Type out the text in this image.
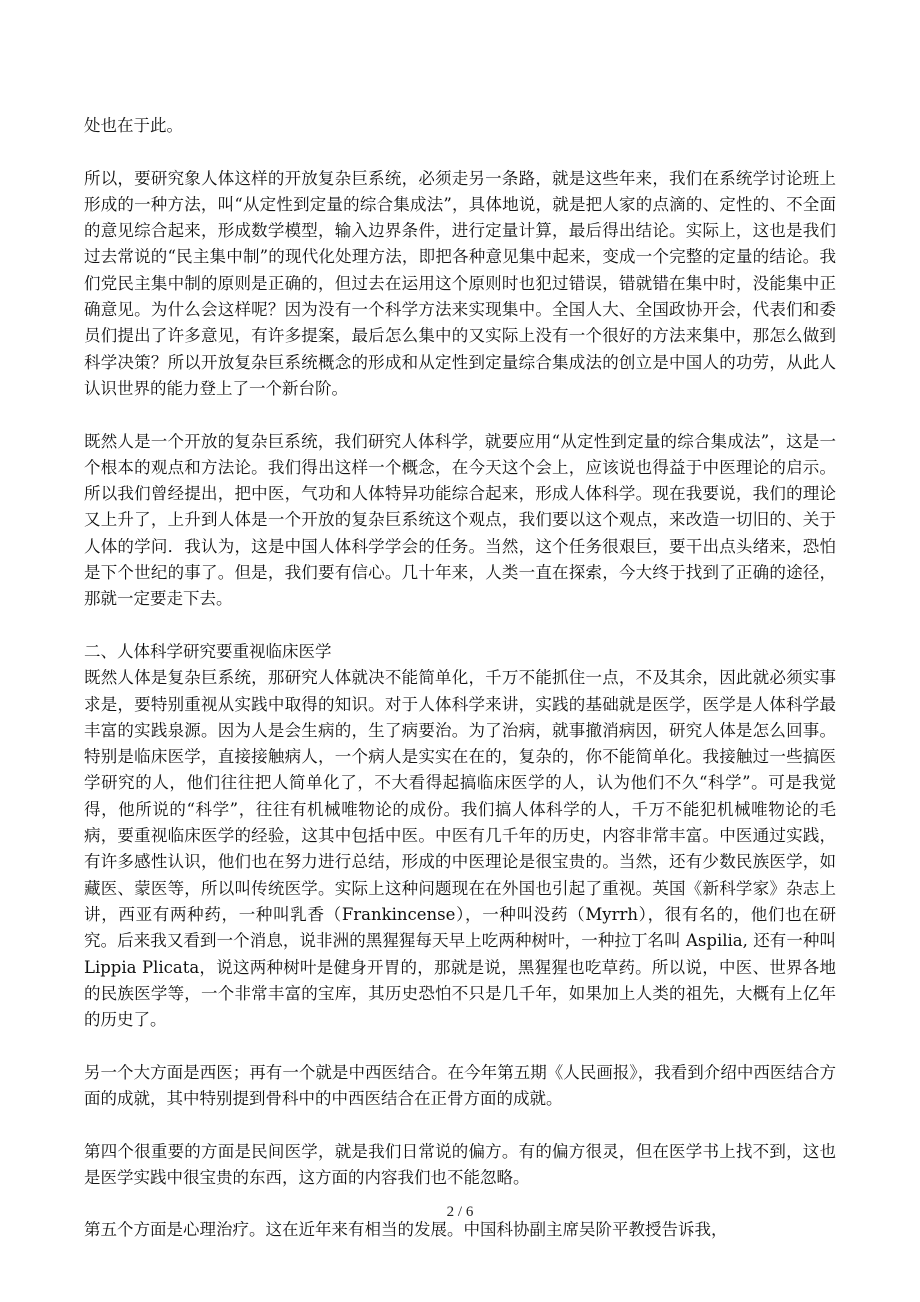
处也在于此。

所以，要研究象人体这样的开放复杂巨系统，必须走另一条路，就是这些年来，我们在系统学讨论班上形成的一种方法，叫“从定性到定量的综合集成法”，具体地说，就是把人家的点滴的、定性的、不全面的意见综合起来，形成数学模型，输入边界条件，进行定量计算，最后得出结论。实际上，这也是我们过去常说的“民主集中制”的现代化处理方法，即把各种意见集中起来，变成一个完整的定量的结论。我们党民主集中制的原则是正确的，但过去在运用这个原则时也犯过错误，错就错在集中时，没能集中正确意见。为什么会这样呢？因为没有一个科学方法来实现集中。全国人大、全国政协开会，代表们和委员们提出了许多意见，有许多提案，最后怎么集中的又实际上没有一个很好的方法来集中，那怎么做到科学决策？所以开放复杂巨系统概念的形成和从定性到定量综合集成法的创立是中国人的功劳，从此人认识世界的能力登上了一个新台阶。

既然人是一个开放的复杂巨系统，我们研究人体科学，就要应用“从定性到定量的综合集成法”，这是一个根本的观点和方法论。我们得出这样一个概念，在今天这个会上，应该说也得益于中医理论的启示。所以我们曾经提出，把中医，气功和人体特异功能综合起来，形成人体科学。现在我要说，我们的理论又上升了，上升到人体是一个开放的复杂巨系统这个观点，我们要以这个观点，来改造一切旧的、关于人体的学问．我认为，这是中国人体科学学会的任务。当然，这个任务很艰巨，要干出点头绪来，恐怕是下个世纪的事了。但是，我们要有信心。几十年来，人类一直在探索，今大终于找到了正确的途径，那就一定要走下去。

二、人体科学研究要重视临床医学

既然人体是复杂巨系统，那研究人体就决不能简单化，千万不能抓住一点，不及其余，因此就必须实事求是，要特别重视从实践中取得的知识。对于人体科学来讲，实践的基础就是医学，医学是人体科学最丰富的实践泉源。因为人是会生病的，生了病要治。为了治病，就事撤消病因，研究人体是怎么回事。特别是临床医学，直接接触病人，一个病人是实实在在的，复杂的，你不能简单化。我接触过一些搞医学研究的人，他们往往把人简单化了，不大看得起搞临床医学的人，认为他们不久“科学”。可是我觉得，他所说的“科学”，往往有机械唯物论的成份。我们搞人体科学的人，千万不能犯机械唯物论的毛病，要重视临床医学的经验，这其中包括中医。中医有几千年的历史，内容非常丰富。中医通过实践，有许多感性认识，他们也在努力进行总结，形成的中医理论是很宝贵的。当然，还有少数民族医学，如藏医、蒙医等，所以叫传统医学。实际上这种问题现在在外国也引起了重视。英国《新科学家》杂志上讲，西亚有两种药，一种叫乳香（Frankincense），一种叫没药（Myrrh），很有名的，他们也在研究。后来我又看到一个消息，说非洲的黑猩猩每天早上吃两种树叶，一种拉丁名叫 Aspilia, 还有一种叫 Lippia Plicata，说这两种树叶是健身开胃的，那就是说，黑猩猩也吃草药。所以说，中医、世界各地的民族医学等，一个非常丰富的宝库，其历史恐怕不只是几千年，如果加上人类的祖先，大概有上亿年的历史了。

另一个大方面是西医；再有一个就是中西医结合。在今年第五期《人民画报》，我看到介绍中西医结合方面的成就，其中特别提到骨科中的中西医结合在正骨方面的成就。

第四个很重要的方面是民间医学，就是我们日常说的偏方。有的偏方很灵，但在医学书上找不到，这也是医学实践中很宝贵的东西，这方面的内容我们也不能忽略。

第五个方面是心理治疗。这在近年来有相当的发展。中国科协副主席吴阶平教授告诉我，

2 / 6
